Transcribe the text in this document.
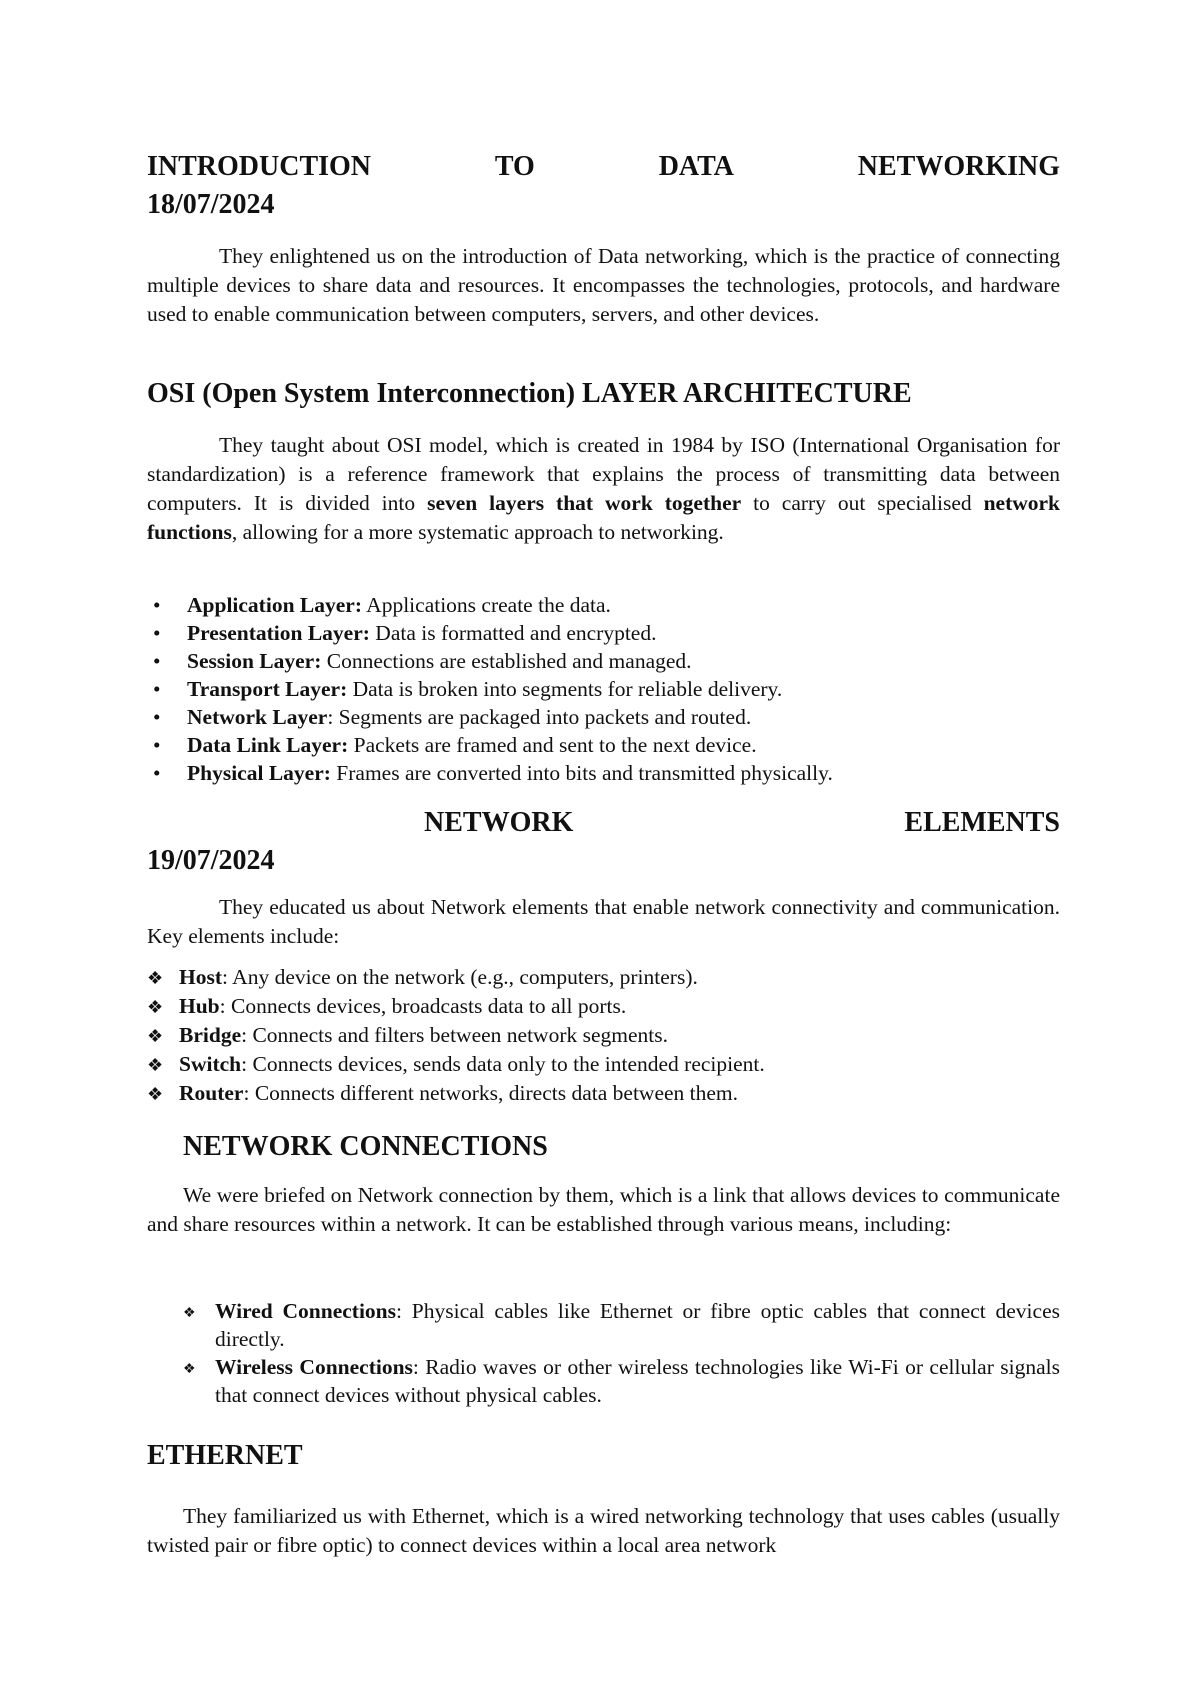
INTRODUCTION	TO	DATA	NETWORKING
18/07/2024

They enlightened us on the introduction of Data networking, which is the practice of connecting multiple devices to share data and resources. It encompasses the technologies, protocols, and hardware used to enable communication between computers, servers, and other devices.

OSI (Open System Interconnection) LAYER ARCHITECTURE

They taught about OSI model, which is created in 1984 by ISO (International Organisation for standardization) is a reference framework that explains the process of transmitting data between computers. It is divided into seven layers that work together to carry out specialised network functions, allowing for a more systematic approach to networking.

•	Application Layer: Applications create the data.
•	Presentation Layer: Data is formatted and encrypted.
•	Session Layer: Connections are established and managed.
•	Transport Layer: Data is broken into segments for reliable delivery.
•	Network Layer: Segments are packaged into packets and routed.
•	Data Link Layer: Packets are framed and sent to the next device.
•	Physical Layer: Frames are converted into bits and transmitted physically.
NETWORK	ELEMENTS
19/07/2024

They educated us about Network elements that enable network connectivity and communication. Key elements include:

❖ Host: Any device on the network (e.g., computers, printers).
❖ Hub: Connects devices, broadcasts data to all ports.
❖ Bridge: Connects and filters between network segments.
❖ Switch: Connects devices, sends data only to the intended recipient.
❖ Router: Connects different networks, directs data between them.
NETWORK CONNECTIONS

We were briefed on Network connection by them, which is a link that allows devices to communicate and share resources within a network. It can be established through various means, including:

❖ Wired Connections: Physical cables like Ethernet or fibre optic cables that connect devices directly.
❖ Wireless Connections: Radio waves or other wireless technologies like Wi-Fi or cellular signals that connect devices without physical cables.
ETHERNET

They familiarized us with Ethernet, which is a wired networking technology that uses cables (usually twisted pair or fibre optic) to connect devices within a local area network
